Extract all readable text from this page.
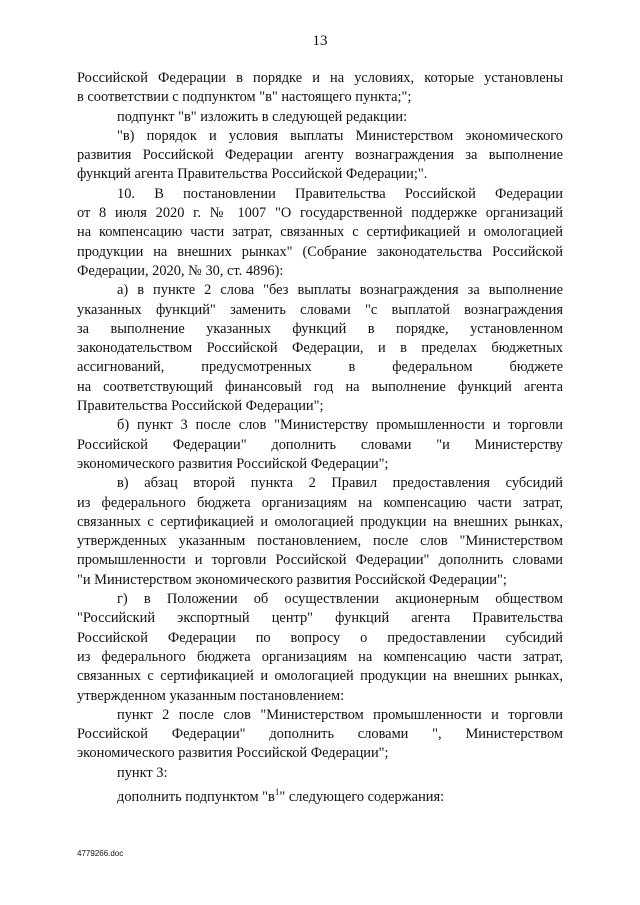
13

Российской Федерации в порядке и на условиях, которые установлены

в соответствии с подпунктом "в" настоящего пункта;";

подпункт "в" изложить в следующей редакции:

"в) порядок и условия выплаты Министерством экономического

развития Российской Федерации агенту вознаграждения за выполнение

функций агента Правительства Российской Федерации;".

10. В постановлении Правительства Российской Федерации

от 8 июля 2020 г. № 1007 "О государственной поддержке организаций

на компенсацию части затрат, связанных с сертификацией и омологацией

продукции на внешних рынках" (Собрание законодательства Российской

Федерации, 2020, № 30, ст. 4896):

а) в пункте 2 слова "без выплаты вознаграждения за выполнение

указанных функций" заменить словами "с выплатой вознаграждения

за выполнение указанных функций в порядке, установленном

законодательством Российской Федерации, и в пределах бюджетных

ассигнований, предусмотренных в федеральном бюджете

на соответствующий финансовый год на выполнение функций агента

Правительства Российской Федерации";

б) пункт 3 после слов "Министерству промышленности и торговли

Российской Федерации" дополнить словами "и Министерству

экономического развития Российской Федерации";

в) абзац второй пункта 2 Правил предоставления субсидий

из федерального бюджета организациям на компенсацию части затрат,

связанных с сертификацией и омологацией продукции на внешних рынках,

утвержденных указанным постановлением, после слов "Министерством

промышленности и торговли Российской Федерации" дополнить словами

"и Министерством экономического развития Российской Федерации";

г) в Положении об осуществлении акционерным обществом

"Российский экспортный центр" функций агента Правительства

Российской Федерации по вопросу о предоставлении субсидий

из федерального бюджета организациям на компенсацию части затрат,

связанных с сертификацией и омологацией продукции на внешних рынках,

утвержденном указанным постановлением:

пункт 2 после слов "Министерством промышленности и торговли

Российской Федерации" дополнить словами ", Министерством

экономического развития Российской Федерации";

пункт 3:

дополнить подпунктом "$в^1$" следующего содержания:

4779266.doc
